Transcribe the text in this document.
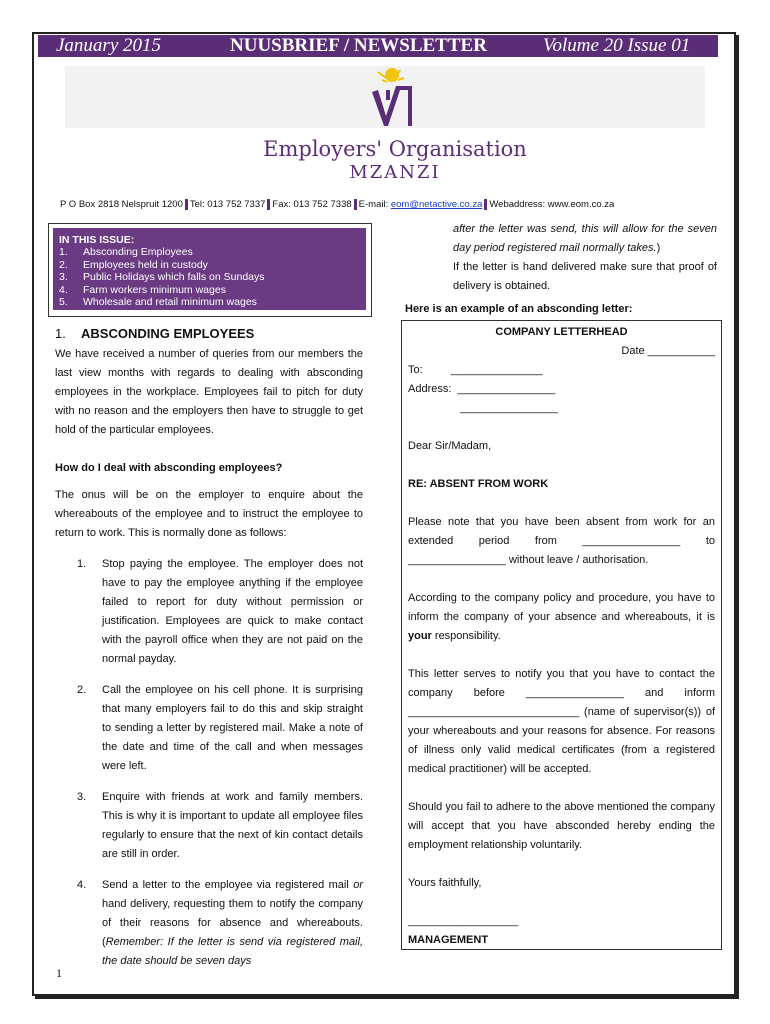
January 2015	NUUSBRIEF / NEWSLETTER	Volume 20 Issue 01
Employers' Organisation
MZANZI
P O Box 2818 Nelspruit 1200 Tel: 013 752 7337 Fax: 013 752 7338 E-mail: eom@netactive.co.za Webaddress: www.eom.co.za
IN THIS ISSUE:
1. Absconding Employees
2. Employees held in custody
3. Public Holidays which falls on Sundays
4. Farm workers minimum wages
5. Wholesale and retail minimum wages
1. ABSCONDING EMPLOYEES
We have received a number of queries from our members the last view months with regards to dealing with absconding employees in the workplace. Employees fail to pitch for duty with no reason and the employers then have to struggle to get hold of the particular employees.
How do I deal with absconding employees?
The onus will be on the employer to enquire about the whereabouts of the employee and to instruct the employee to return to work. This is normally done as follows:
1. Stop paying the employee. The employer does not have to pay the employee anything if the employee failed to report for duty without permission or justification. Employees are quick to make contact with the payroll office when they are not paid on the normal payday.
2. Call the employee on his cell phone. It is surprising that many employers fail to do this and skip straight to sending a letter by registered mail. Make a note of the date and time of the call and when messages were left.
3. Enquire with friends at work and family members. This is why it is important to update all employee files regularly to ensure that the next of kin contact details are still in order.
4. Send a letter to the employee via registered mail or hand delivery, requesting them to notify the company of their reasons for absence and whereabouts. (Remember: If the letter is send via registered mail, the date should be seven days
after the letter was send, this will allow for the seven day period registered mail normally takes.)
If the letter is hand delivered make sure that proof of delivery is obtained.
Here is an example of an absconding letter:
COMPANY LETTERHEAD
Date ___________
To:	_______________
Address: ________________
________________
Dear Sir/Madam,
RE: ABSENT FROM WORK
Please note that you have been absent from work for an extended period from ________________ to ________________ without leave / authorisation.
According to the company policy and procedure, you have to inform the company of your absence and whereabouts, it is your responsibility.
This letter serves to notify you that you have to contact the company before ________________ and inform ____________________________ (name of supervisor(s)) of your whereabouts and your reasons for absence. For reasons of illness only valid medical certificates (from a registered medical practitioner) will be accepted.
Should you fail to adhere to the above mentioned the company will accept that you have absconded hereby ending the employment relationship voluntarily.
Yours faithfully,
__________________
MANAGEMENT
1
